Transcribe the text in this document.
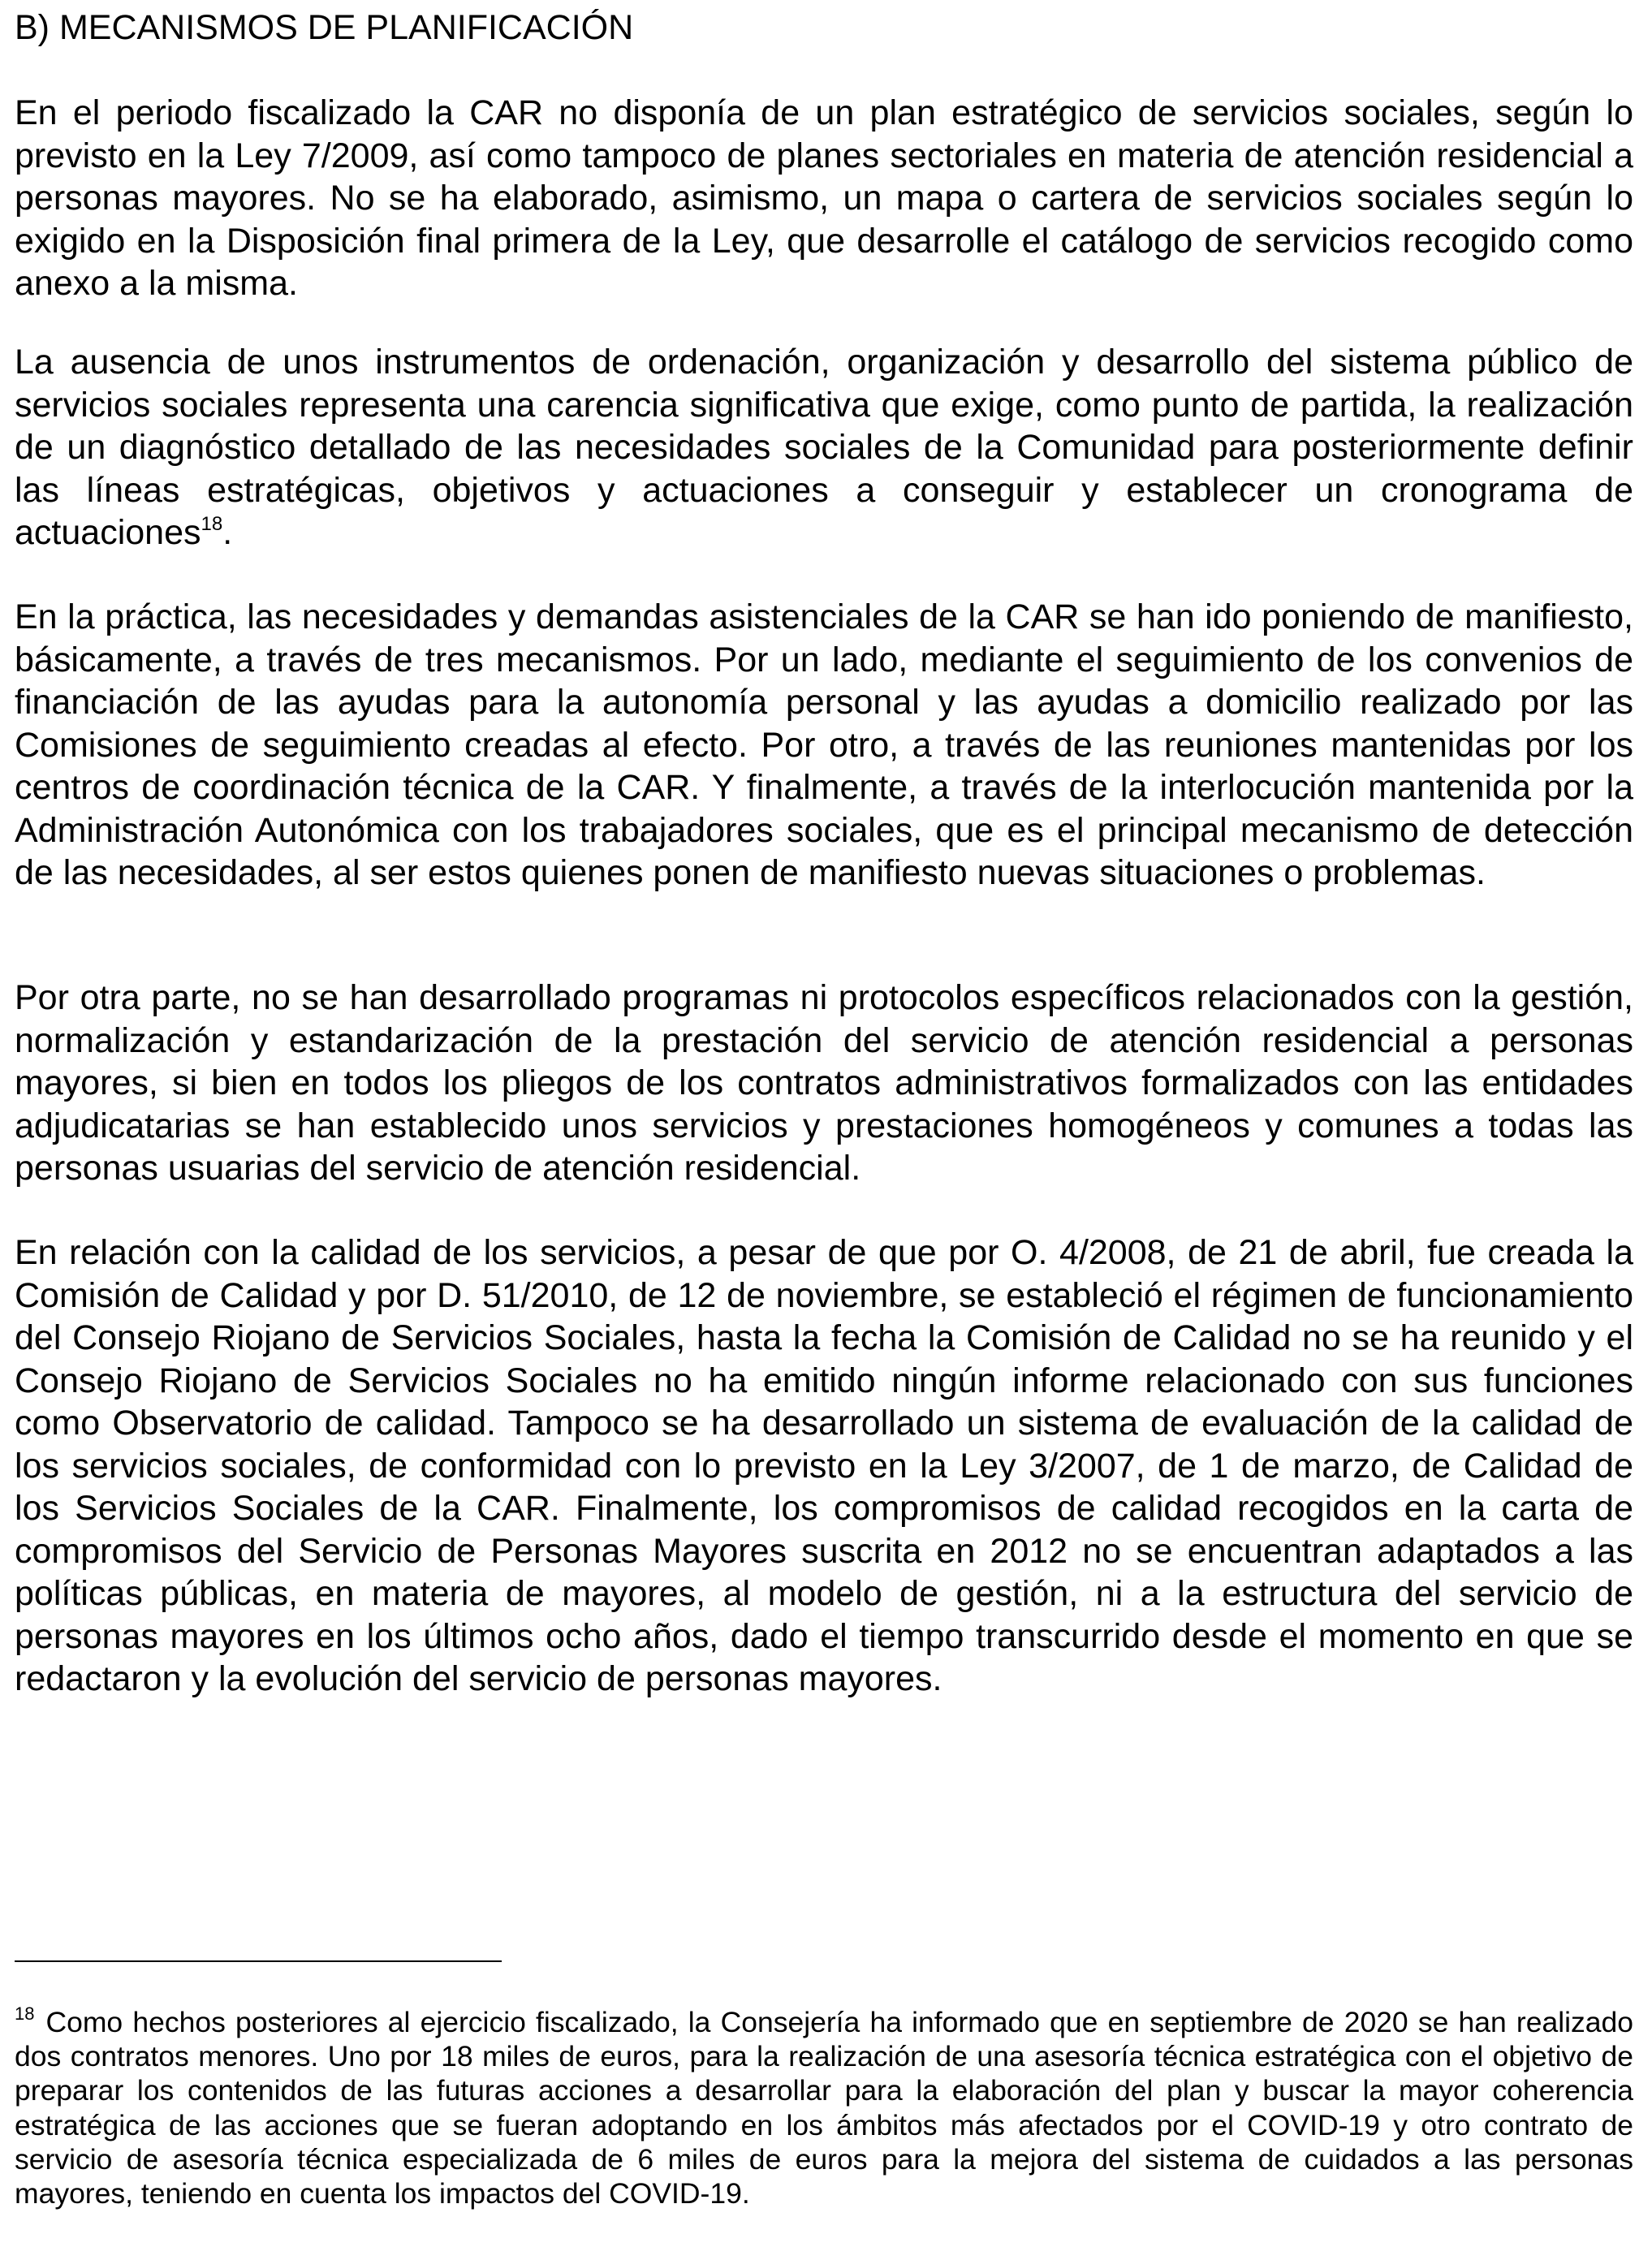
B) MECANISMOS DE PLANIFICACIÓN

En el periodo fiscalizado la CAR no disponía de un plan estratégico de servicios sociales, según lo previsto en la Ley 7/2009, así como tampoco de planes sectoriales en materia de atención residencial a personas mayores. No se ha elaborado, asimismo, un mapa o cartera de servicios sociales según lo exigido en la Disposición final primera de la Ley, que desarrolle el catálogo de servicios recogido como anexo a la misma.

La ausencia de unos instrumentos de ordenación, organización y desarrollo del sistema público de servicios sociales representa una carencia significativa que exige, como punto de partida, la realización de un diagnóstico detallado de las necesidades sociales de la Comunidad para posteriormente definir las líneas estratégicas, objetivos y actuaciones a conseguir y establecer un cronograma de actuaciones$^{18}$.

En la práctica, las necesidades y demandas asistenciales de la CAR se han ido poniendo de manifiesto, básicamente, a través de tres mecanismos. Por un lado, mediante el seguimiento de los convenios de financiación de las ayudas para la autonomía personal y las ayudas a domicilio realizado por las Comisiones de seguimiento creadas al efecto. Por otro, a través de las reuniones mantenidas por los centros de coordinación técnica de la CAR. Y finalmente, a través de la interlocución mantenida por la Administración Autonómica con los trabajadores sociales, que es el principal mecanismo de detección de las necesidades, al ser estos quienes ponen de manifiesto nuevas situaciones o problemas.

Por otra parte, no se han desarrollado programas ni protocolos específicos relacionados con la gestión, normalización y estandarización de la prestación del servicio de atención residencial a personas mayores, si bien en todos los pliegos de los contratos administrativos formalizados con las entidades adjudicatarias se han establecido unos servicios y prestaciones homogéneos y comunes a todas las personas usuarias del servicio de atención residencial.

En relación con la calidad de los servicios, a pesar de que por O. 4/2008, de 21 de abril, fue creada la Comisión de Calidad y por D. 51/2010, de 12 de noviembre, se estableció el régimen de funcionamiento del Consejo Riojano de Servicios Sociales, hasta la fecha la Comisión de Calidad no se ha reunido y el Consejo Riojano de Servicios Sociales no ha emitido ningún informe relacionado con sus funciones como Observatorio de calidad. Tampoco se ha desarrollado un sistema de evaluación de la calidad de los servicios sociales, de conformidad con lo previsto en la Ley 3/2007, de 1 de marzo, de Calidad de los Servicios Sociales de la CAR. Finalmente, los compromisos de calidad recogidos en la carta de compromisos del Servicio de Personas Mayores suscrita en 2012 no se encuentran adaptados a las políticas públicas, en materia de mayores, al modelo de gestión, ni a la estructura del servicio de personas mayores en los últimos ocho años, dado el tiempo transcurrido desde el momento en que se redactaron y la evolución del servicio de personas mayores.

$^{18}$ Como hechos posteriores al ejercicio fiscalizado, la Consejería ha informado que en septiembre de 2020 se han realizado dos contratos menores. Uno por 18 miles de euros, para la realización de una asesoría técnica estratégica con el objetivo de preparar los contenidos de las futuras acciones a desarrollar para la elaboración del plan y buscar la mayor coherencia estratégica de las acciones que se fueran adoptando en los ámbitos más afectados por el COVID-19 y otro contrato de servicio de asesoría técnica especializada de 6 miles de euros para la mejora del sistema de cuidados a las personas mayores, teniendo en cuenta los impactos del COVID-19.
